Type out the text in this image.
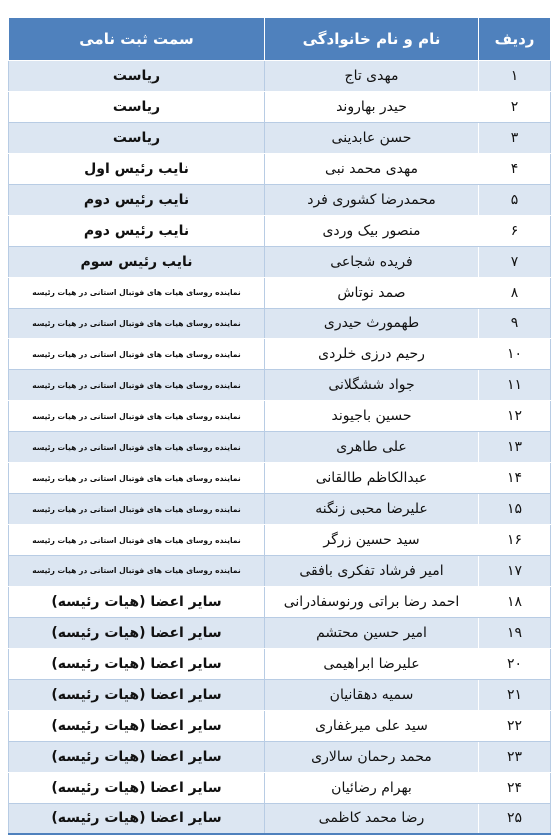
ردیف	نام و نام خانوادگی	سمت ثبت نامی
۱	مهدی تاج	ریاست
۲	حیدر بهاروند	ریاست
۳	حسن عابدینی	ریاست
۴	مهدی محمد نبی	نایب رئیس اول
۵	محمدرضا کشوری فرد	نایب رئیس دوم
۶	منصور بیک وردی	نایب رئیس دوم
۷	فریده شجاعی	نایب رئیس سوم
۸	صمد نوتاش	نماینده روسای هیات های فوتبال استانی در هیات رئیسه
۹	طهمورث حیدری	نماینده روسای هیات های فوتبال استانی در هیات رئیسه
۱۰	رحیم درزی خلردی	نماینده روسای هیات های فوتبال استانی در هیات رئیسه
۱۱	جواد ششگلانی	نماینده روسای هیات های فوتبال استانی در هیات رئیسه
۱۲	حسین باجیوند	نماینده روسای هیات های فوتبال استانی در هیات رئیسه
۱۳	علی طاهری	نماینده روسای هیات های فوتبال استانی در هیات رئیسه
۱۴	عبدالکاظم طالقانی	نماینده روسای هیات های فوتبال استانی در هیات رئیسه
۱۵	علیرضا محبی زنگنه	نماینده روسای هیات های فوتبال استانی در هیات رئیسه
۱۶	سید حسین زرگر	نماینده روسای هیات های فوتبال استانی در هیات رئیسه
۱۷	امیر فرشاد تفکری بافقی	نماینده روسای هیات های فوتبال استانی در هیات رئیسه
۱۸	احمد رضا براتی ورنوسفادرانی	سایر اعضا (هیات رئیسه)
۱۹	امیر حسین محتشم	سایر اعضا (هیات رئیسه)
۲۰	علیرضا ابراهیمی	سایر اعضا (هیات رئیسه)
۲۱	سمیه دهقانیان	سایر اعضا (هیات رئیسه)
۲۲	سید علی میرغفاری	سایر اعضا (هیات رئیسه)
۲۳	محمد رحمان سالاری	سایر اعضا (هیات رئیسه)
۲۴	بهرام رضائیان	سایر اعضا (هیات رئیسه)
۲۵	رضا محمد کاظمی	سایر اعضا (هیات رئیسه)
